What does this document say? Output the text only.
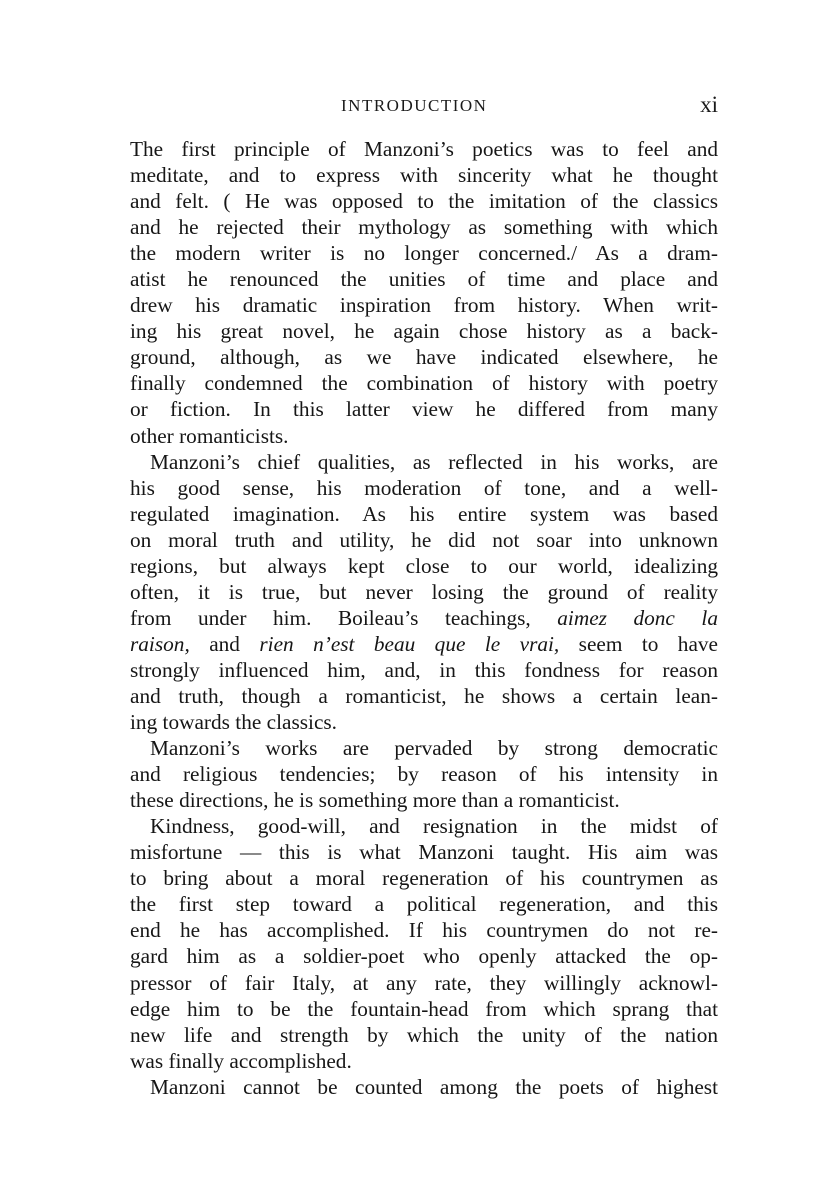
INTRODUCTION	xi
The first principle of Manzoni’s poetics was to feel and
meditate, and to express with sincerity what he thought
and felt. ( He was opposed to the imitation of the classics
and he rejected their mythology as something with which
the modern writer is no longer concerned./ As a dram-
atist he renounced the unities of time and place and
drew his dramatic inspiration from history. When writ-
ing his great novel, he again chose history as a back-
ground, although, as we have indicated elsewhere, he
finally condemned the combination of history with poetry
or fiction. In this latter view he differed from many
other romanticists.
Manzoni’s chief qualities, as reflected in his works, are
his good sense, his moderation of tone, and a well-
regulated imagination. As his entire system was based
on moral truth and utility, he did not soar into unknown
regions, but always kept close to our world, idealizing
often, it is true, but never losing the ground of reality
from under him. Boileau’s teachings, aimez donc la
raison, and rien n’est beau que le vrai, seem to have
strongly influenced him, and, in this fondness for reason
and truth, though a romanticist, he shows a certain lean-
ing towards the classics.
Manzoni’s works are pervaded by strong democratic
and religious tendencies; by reason of his intensity in
these directions, he is something more than a romanticist.
Kindness, good-will, and resignation in the midst of
misfortune — this is what Manzoni taught. His aim was
to bring about a moral regeneration of his countrymen as
the first step toward a political regeneration, and this
end he has accomplished. If his countrymen do not re-
gard him as a soldier-poet who openly attacked the op-
pressor of fair Italy, at any rate, they willingly acknowl-
edge him to be the fountain-head from which sprang that
new life and strength by which the unity of the nation
was finally accomplished.
Manzoni cannot be counted among the poets of highest
